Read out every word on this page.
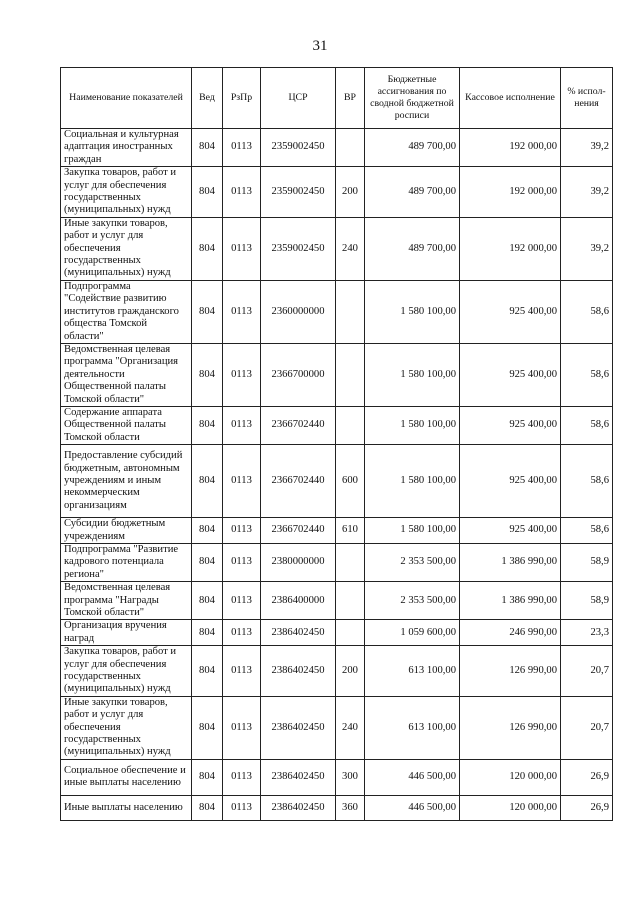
31
Наименование показателей	Вед	РзПр	ЦСР	ВР	Бюджетные ассигнования по сводной бюджетной росписи	Кассовое исполнение	% испол-нения
Социальная и культурная адаптация иностранных граждан	804	0113	2359002450		489 700,00	192 000,00	39,2
Закупка товаров, работ и услуг для обеспечения государственных (муниципальных) нужд	804	0113	2359002450	200	489 700,00	192 000,00	39,2
Иные закупки товаров, работ и услуг для обеспечения государственных (муниципальных) нужд	804	0113	2359002450	240	489 700,00	192 000,00	39,2
Подпрограмма "Содействие развитию институтов гражданского общества Томской области"	804	0113	2360000000		1 580 100,00	925 400,00	58,6
Ведомственная целевая программа "Организация деятельности Общественной палаты Томской области"	804	0113	2366700000		1 580 100,00	925 400,00	58,6
Содержание аппарата Общественной палаты Томской области	804	0113	2366702440		1 580 100,00	925 400,00	58,6
Предоставление субсидий бюджетным, автономным учреждениям и иным некоммерческим организациям	804	0113	2366702440	600	1 580 100,00	925 400,00	58,6
Субсидии бюджетным учреждениям	804	0113	2366702440	610	1 580 100,00	925 400,00	58,6
Подпрограмма "Развитие кадрового потенциала региона"	804	0113	2380000000		2 353 500,00	1 386 990,00	58,9
Ведомственная целевая программа "Награды Томской области"	804	0113	2386400000		2 353 500,00	1 386 990,00	58,9
Организация вручения наград	804	0113	2386402450		1 059 600,00	246 990,00	23,3
Закупка товаров, работ и услуг для обеспечения государственных (муниципальных) нужд	804	0113	2386402450	200	613 100,00	126 990,00	20,7
Иные закупки товаров, работ и услуг для обеспечения государственных (муниципальных) нужд	804	0113	2386402450	240	613 100,00	126 990,00	20,7
Социальное обеспечение и иные выплаты населению	804	0113	2386402450	300	446 500,00	120 000,00	26,9
Иные выплаты населению	804	0113	2386402450	360	446 500,00	120 000,00	26,9
